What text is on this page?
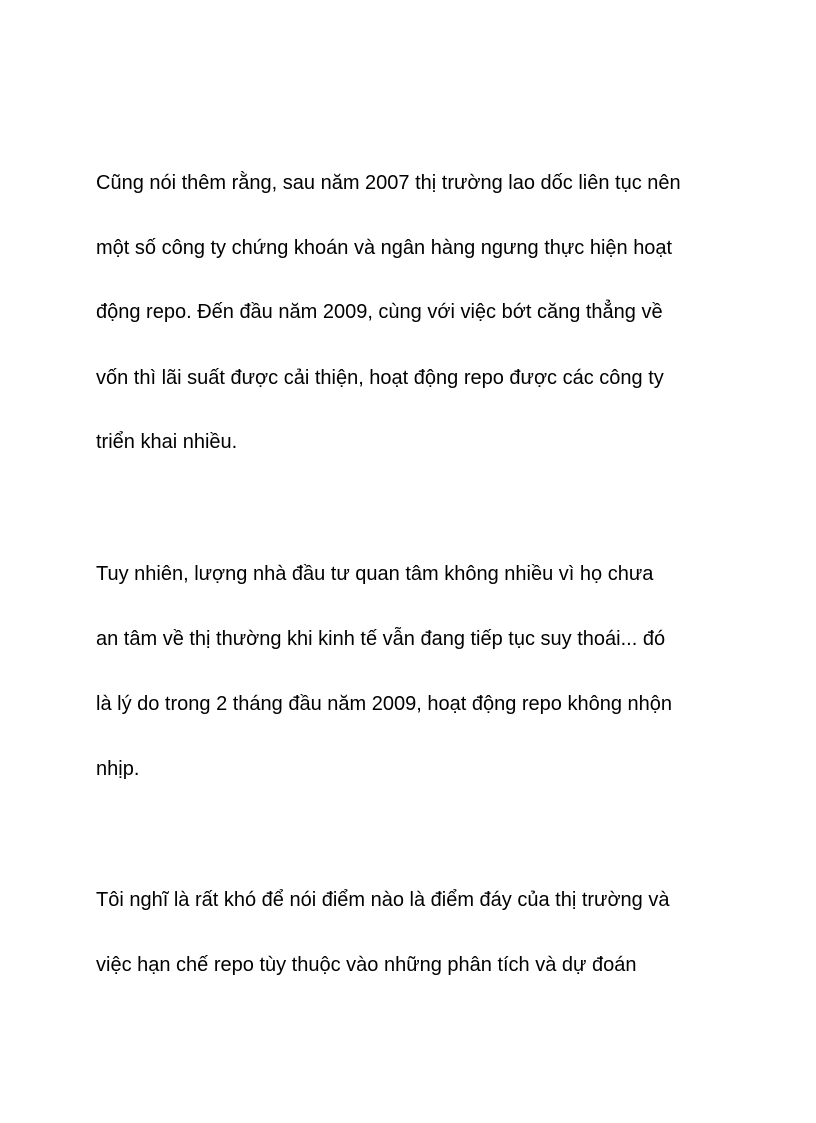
Cũng nói thêm rằng, sau năm 2007 thị trường lao dốc liên tục nên
một số công ty chứng khoán và ngân hàng ngưng thực hiện hoạt
động repo. Đến đầu năm 2009, cùng với việc bớt căng thẳng về
vốn thì lãi suất được cải thiện, hoạt động repo được các công ty
triển khai nhiều.
Tuy nhiên, lượng nhà đầu tư quan tâm không nhiều vì họ chưa
an tâm về thị thường khi kinh tế vẫn đang tiếp tục suy thoái... đó
là lý do trong 2 tháng đầu năm 2009, hoạt động repo không nhộn
nhịp.
Tôi nghĩ là rất khó để nói điểm nào là điểm đáy của thị trường và
việc hạn chế repo tùy thuộc vào những phân tích và dự đoán
